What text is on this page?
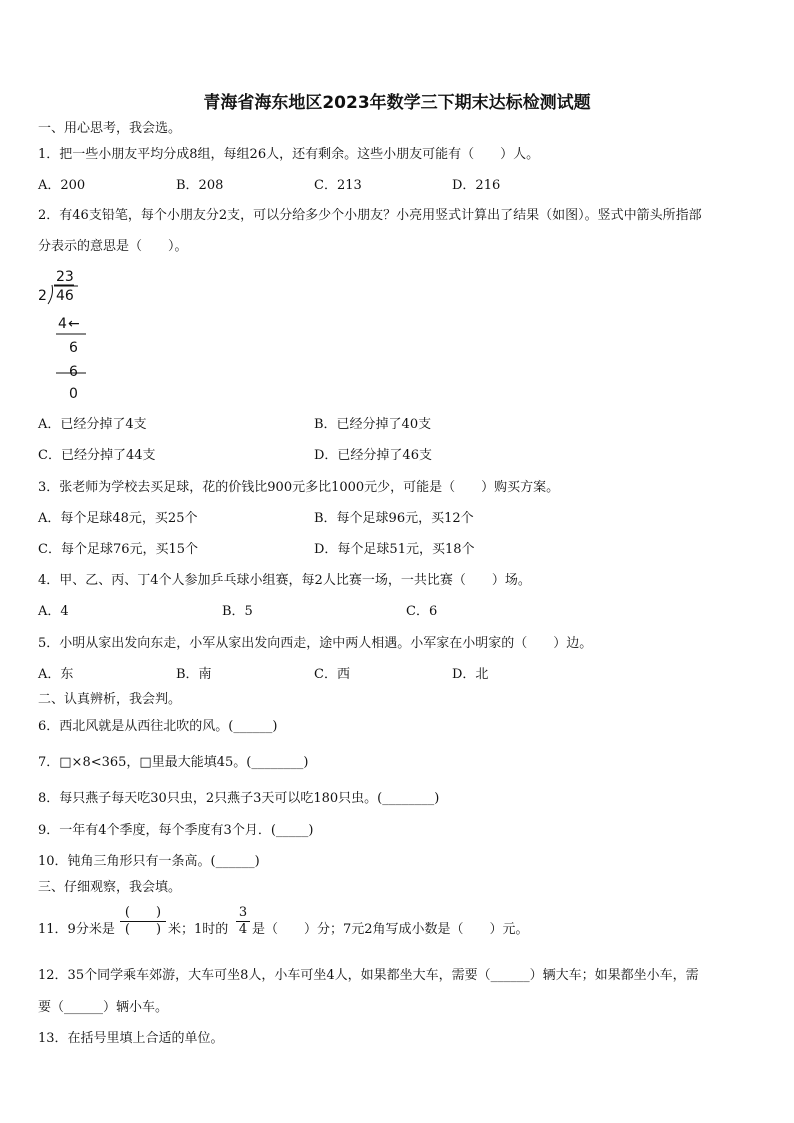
青海省海东地区2023年数学三下期末达标检测试题
一、用心思考，我会选。
1．把一些小朋友平均分成8组，每组26人，还有剩余。这些小朋友可能有（　　）人。
A．200	B．208	C．213	D．216
2．有46支铅笔，每个小朋友分2支，可以分给多少个小朋友？小亮用竖式计算出了结果（如图）。竖式中箭头所指部
分表示的意思是（　　）。
23
2 46
4 ←
6
6
0
A．已经分掉了4支	B．已经分掉了40支
C．已经分掉了44支	D．已经分掉了46支
3．张老师为学校去买足球，花的价钱比900元多比1000元少，可能是（　　）购买方案。
A．每个足球48元，买25个	B．每个足球96元，买12个
C．每个足球76元，买15个	D．每个足球51元，买18个
4．甲、乙、丙、丁4个人参加乒乓球小组赛，每2人比赛一场，一共比赛（　　）场。
A．4	B．5	C．6
5．小明从家出发向东走，小军从家出发向西走，途中两人相遇。小军家在小明家的（　　）边。
A．东	B．南	C．西	D．北
二、认真辨析，我会判。
6．西北风就是从西往北吹的风。(______)
7．□×8<365，□里最大能填45。(________)
8．每只燕子每天吃30只虫，2只燕子3天可以吃180只虫。(________)
9．一年有4个季度，每个季度有3个月．(_____)
10．钝角三角形只有一条高。(______)
三、仔细观察，我会填。
11．9分米是
(　　)
(　　) 米；1时的
3
4 是（　　）分；7元2角写成小数是（　　）元。
12．35个同学乘车郊游，大车可坐8人，小车可坐4人，如果都坐大车，需要（______）辆大车；如果都坐小车，需
要（______）辆小车。
13．在括号里填上合适的单位。
